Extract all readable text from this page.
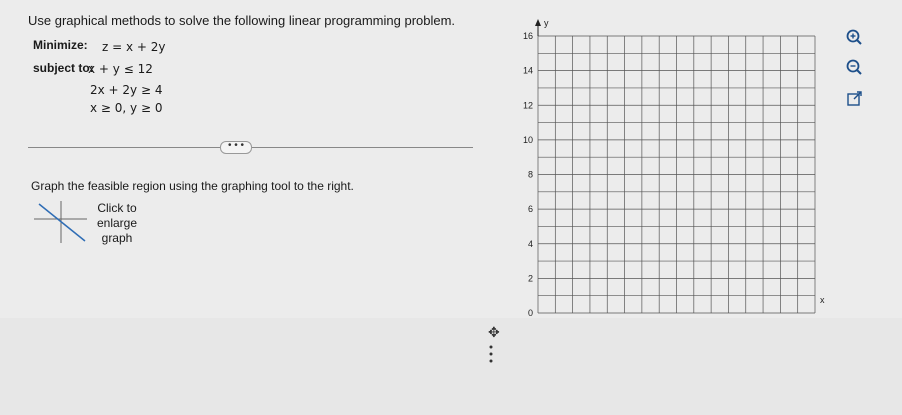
Use graphical methods to solve the following linear programming problem.
Minimize: z = x + 2y
subject to:
x + y ≤ 12
2x + 2y ≥ 4
x ≥ 0, y ≥ 0
• • •
Graph the feasible region using the graphing tool to the right.
Click to
enlarge
graph
0
2
4
6
8
10
12
14
16
x
y
✥
